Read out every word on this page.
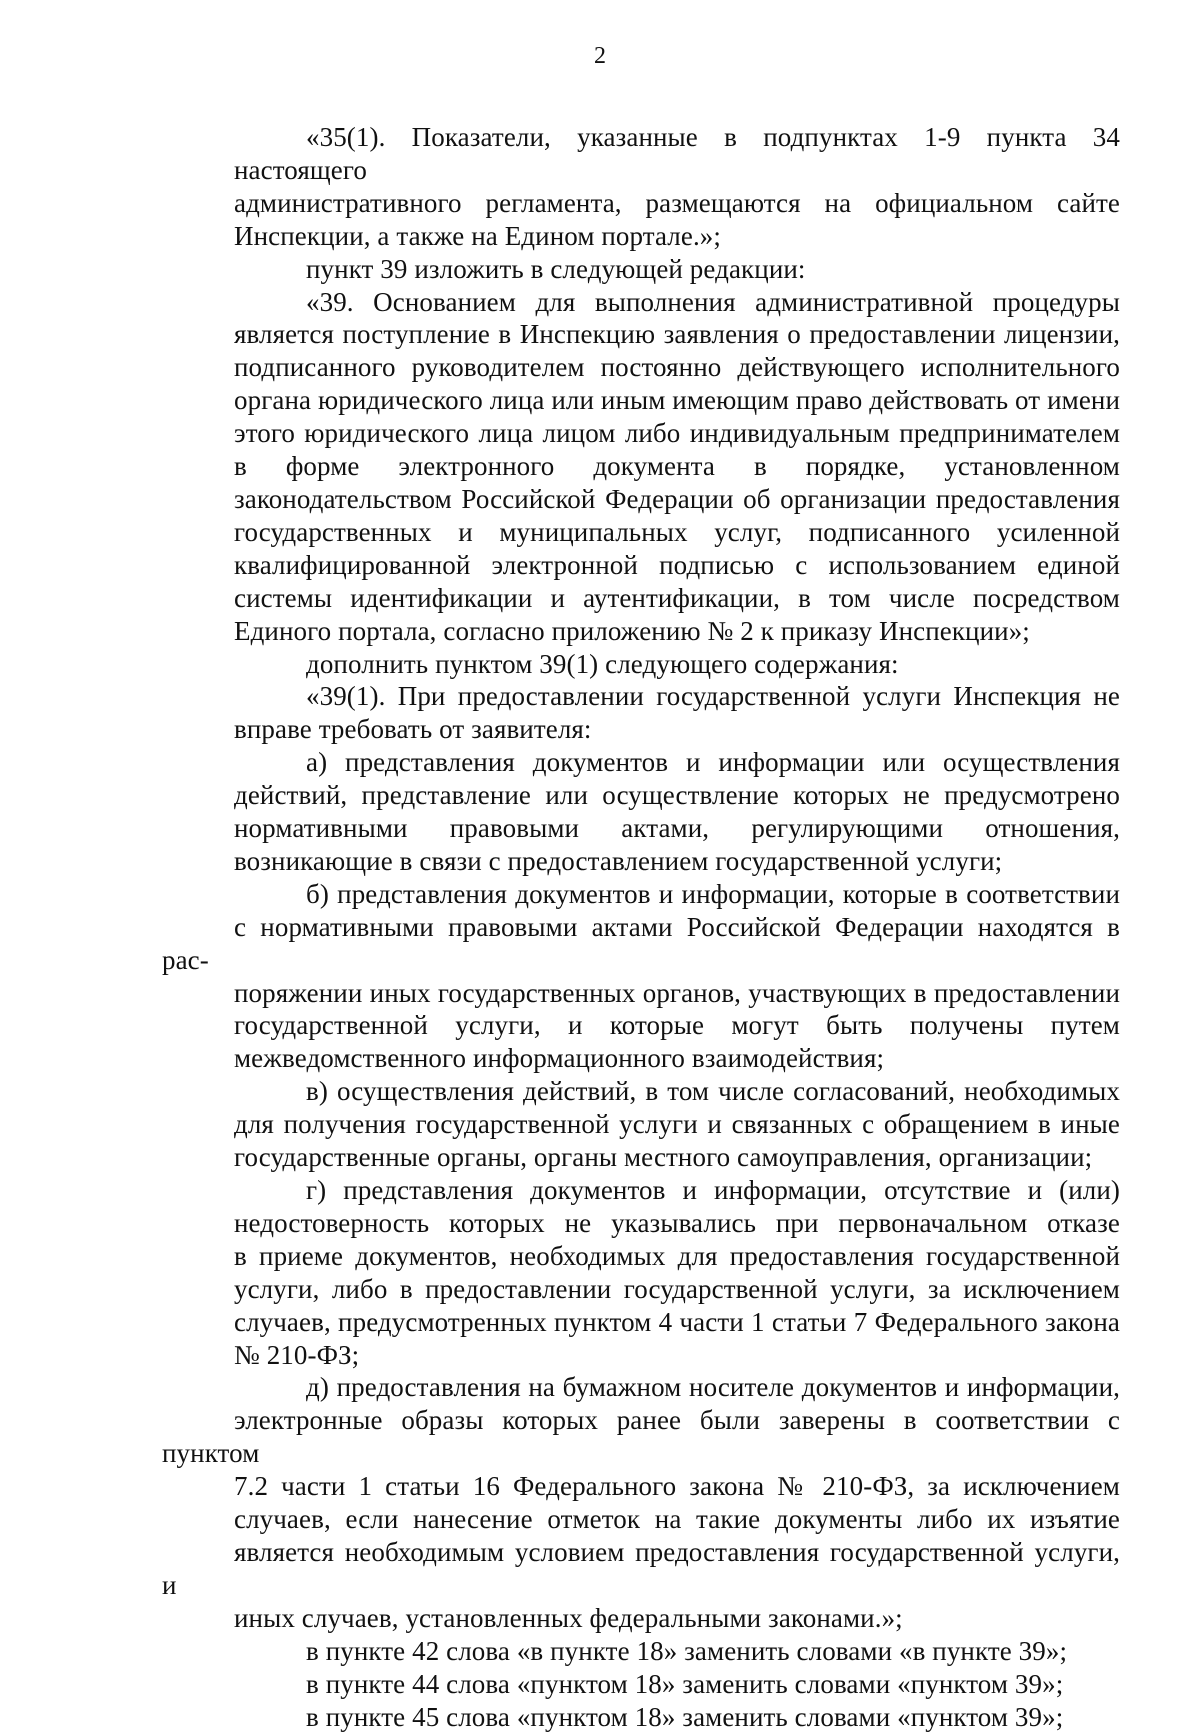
2
«35(1). Показатели, указанные в подпунктах 1-9 пункта 34 настоящего
административного регламента, размещаются на официальном сайте
Инспекции, а также на Едином портале.»;
пункт 39 изложить в следующей редакции:
«39. Основанием для выполнения административной процедуры
является поступление в Инспекцию заявления о предоставлении лицензии,
подписанного руководителем постоянно действующего исполнительного
органа юридического лица или иным имеющим право действовать от имени
этого юридического лица лицом либо индивидуальным предпринимателем
в форме электронного документа в порядке, установленном
законодательством Российской Федерации об организации предоставления
государственных и муниципальных услуг, подписанного усиленной
квалифицированной электронной подписью с использованием единой
системы идентификации и аутентификации, в том числе посредством
Единого портала, согласно приложению № 2 к приказу Инспекции»;
дополнить пунктом 39(1) следующего содержания:
«39(1). При предоставлении государственной услуги Инспекция не
вправе требовать от заявителя:
а) представления документов и информации или осуществления
действий, представление или осуществление которых не предусмотрено
нормативными правовыми актами, регулирующими отношения,
возникающие в связи с предоставлением государственной услуги;
б) представления документов и информации, которые в соответствии
с нормативными правовыми актами Российской Федерации находятся в рас-
поряжении иных государственных органов, участвующих в предоставлении
государственной услуги, и которые могут быть получены путем
межведомственного информационного взаимодействия;
в) осуществления действий, в том числе согласований, необходимых
для получения государственной услуги и связанных с обращением в иные
государственные органы, органы местного самоуправления, организации;
г) представления документов и информации, отсутствие и (или)
недостоверность которых не указывались при первоначальном отказе
в приеме документов, необходимых для предоставления государственной
услуги, либо в предоставлении государственной услуги, за исключением
случаев, предусмотренных пунктом 4 части 1 статьи 7 Федерального закона
№ 210-ФЗ;
д) предоставления на бумажном носителе документов и информации,
электронные образы которых ранее были заверены в соответствии с пунктом
7.2 части 1 статьи 16 Федерального закона № 210-ФЗ, за исключением
случаев, если нанесение отметок на такие документы либо их изъятие
является необходимым условием предоставления государственной услуги, и
иных случаев, установленных федеральными законами.»;
в пункте 42 слова «в пункте 18» заменить словами «в пункте 39»;
в пункте 44 слова «пунктом 18» заменить словами «пунктом 39»;
в пункте 45 слова «пунктом 18» заменить словами «пунктом 39»;
